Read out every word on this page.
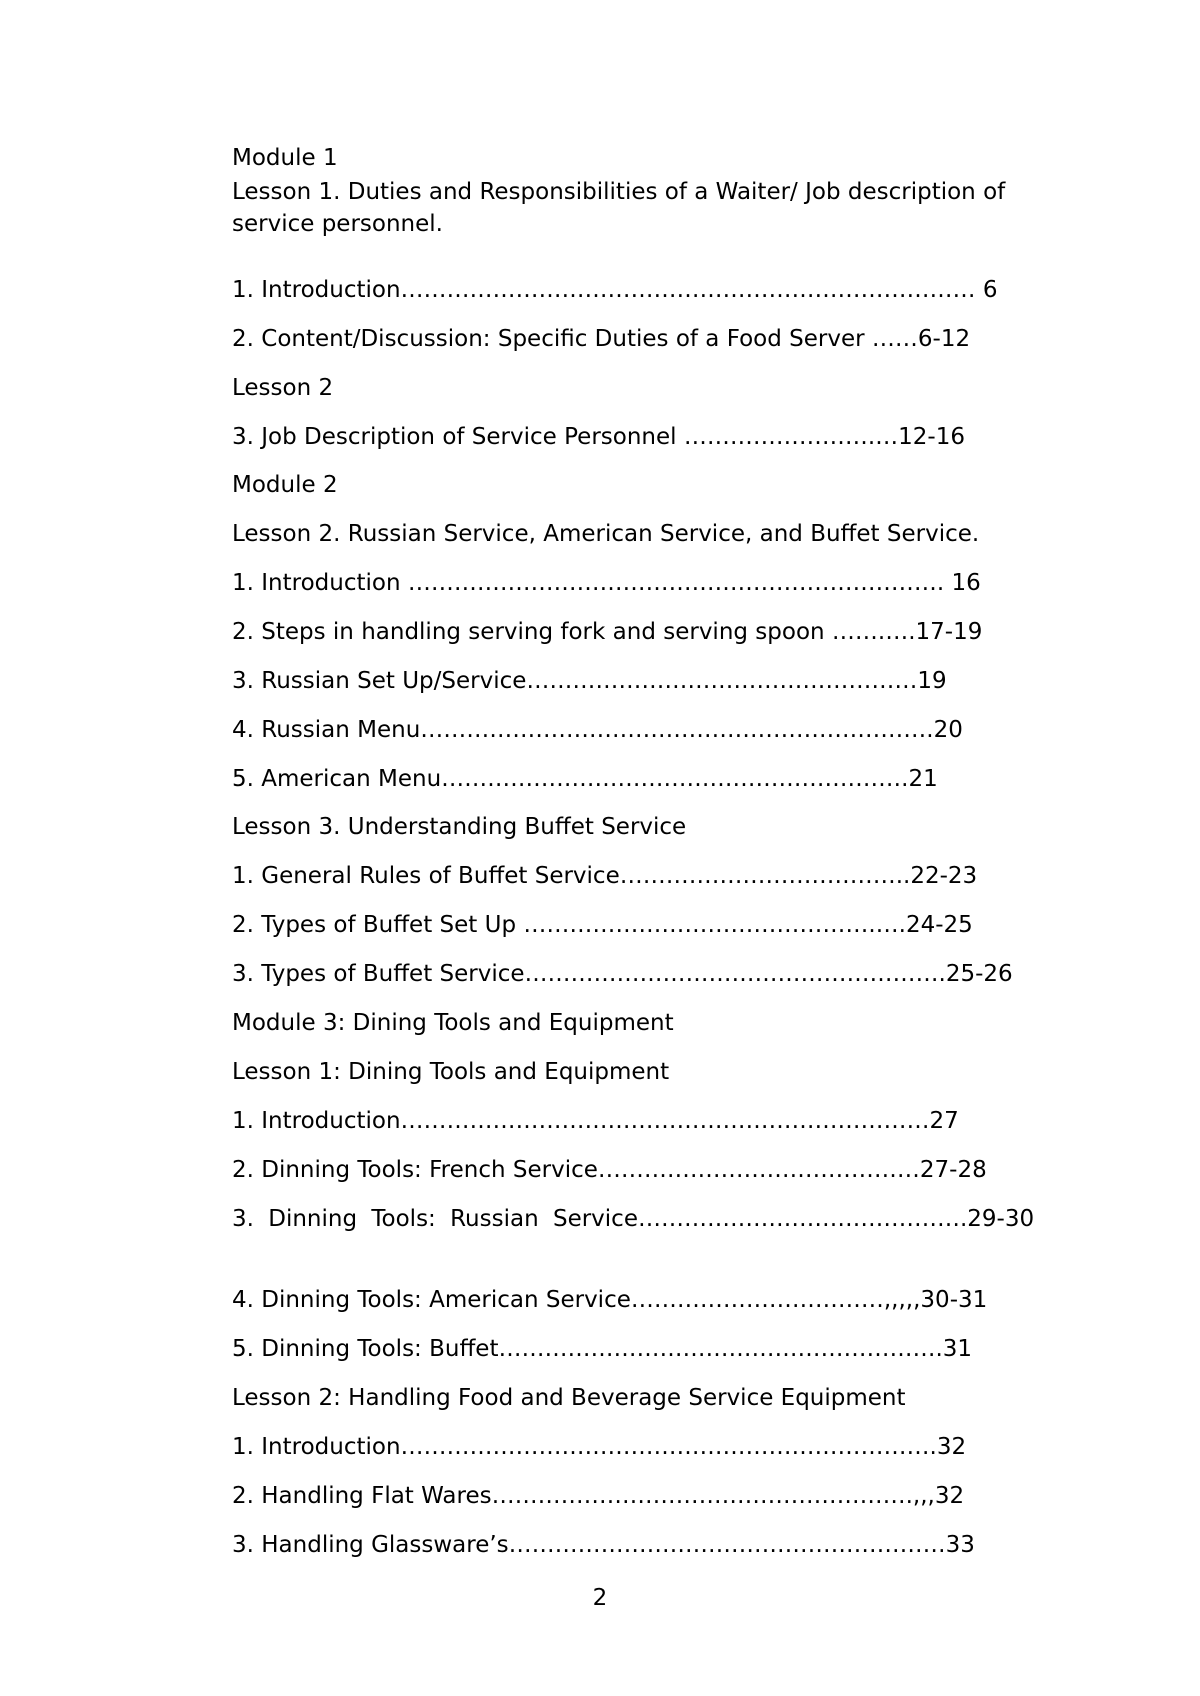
Module 1

Lesson 1. Duties and Responsibilities of a Waiter/ Job description of service personnel.

1. Introduction………………………………………………………………… 6

2. Content/Discussion: Specific Duties of a Food Server ……6-12

Lesson 2

3. Job Description of Service Personnel …………………….…12-16

Module 2

Lesson 2. Russian Service, American Service, and Buffet Service.

1. Introduction ……………………………………………………………. 16

2. Steps in handling serving fork and serving spoon …….….17-19

3. Russian Set Up/Service……………………………………………19

4. Russian Menu………………………………………………………….20

5. American Menu…………………………………………………….21

Lesson 3. Understanding Buffet Service

1. General Rules of Buffet Service………………………………..22-23

2. Types of Buffet Set Up ……………………………………….….24-25

3. Types of Buffet Service……………………………………………….25-26

Module 3: Dining Tools and Equipment

Lesson 1: Dining Tools and Equipment

1. Introduction……………………………………………………………27

2. Dinning Tools: French Service……………………………………27-28

3. Dinning Tools: Russian Service…………………………………….29-30

4. Dinning Tools: American Service……………………………,,,,,30-31

5. Dinning Tools: Buffet………………………………………………….31

Lesson 2: Handling Food and Beverage Service Equipment

1. Introduction…………………………………………………………….32

2. Handling Flat Wares……………………………………………….,,,32

3. Handling Glassware’s…………………………………………………33

2
